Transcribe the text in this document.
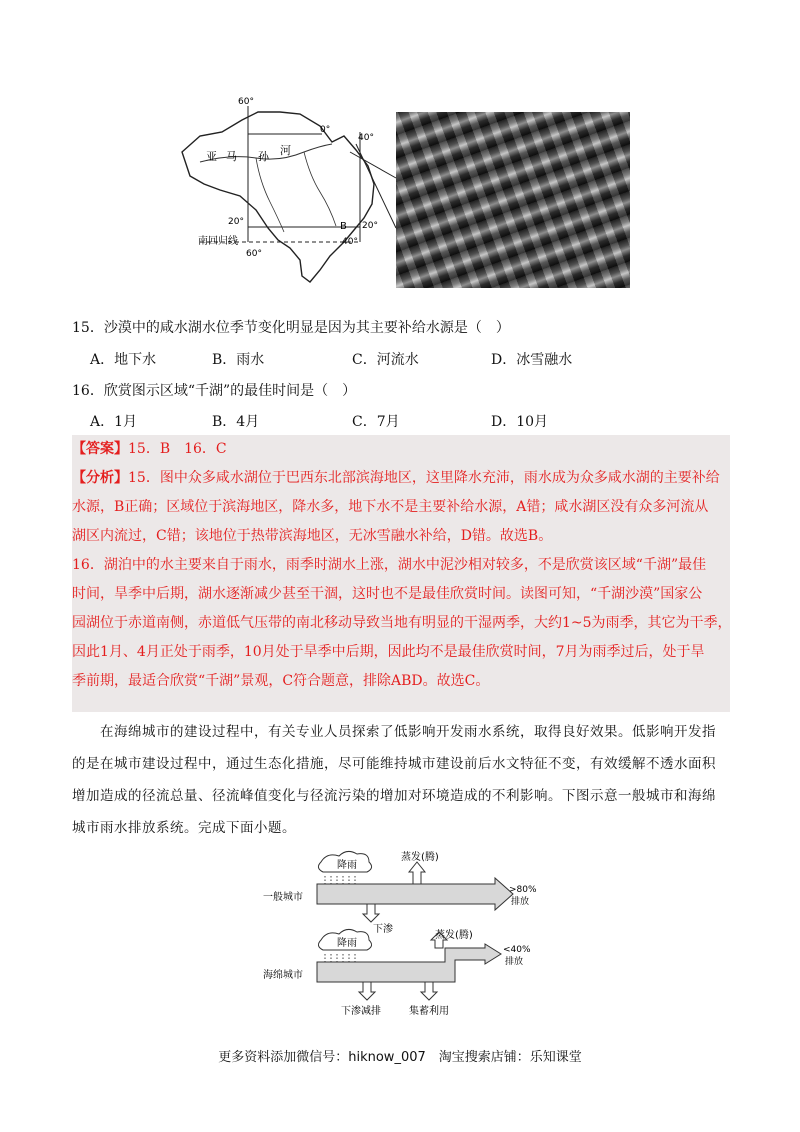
60°
0°
40°
亚 马 孙 河
20°	B 20°
南回归线	40°
60°
15．沙漠中的咸水湖水位季节变化明显是因为其主要补给水源是（　）
A．地下水	B．雨水	C．河流水	D．冰雪融水
16．欣赏图示区域“千湖”的最佳时间是（　）
A．1月	B．4月	C．7月	D．10月
【答案】15．B　16．C
【分析】15．图中众多咸水湖位于巴西东北部滨海地区，这里降水充沛，雨水成为众多咸水湖的主要补给
水源，B正确；区域位于滨海地区，降水多，地下水不是主要补给水源，A错；咸水湖区没有众多河流从
湖区内流过，C错；该地位于热带滨海地区，无冰雪融水补给，D错。故选B。
16．湖泊中的水主要来自于雨水，雨季时湖水上涨，湖水中泥沙相对较多，不是欣赏该区域“千湖”最佳
时间，旱季中后期，湖水逐渐减少甚至干涸，这时也不是最佳欣赏时间。读图可知，“千湖沙漠”国家公
园湖位于赤道南侧，赤道低气压带的南北移动导致当地有明显的干湿两季，大约1~5为雨季，其它为干季，
因此1月、4月正处于雨季，10月处于旱季中后期，因此均不是最佳欣赏时间，7月为雨季过后，处于旱
季前期，最适合欣赏“千湖”景观，C符合题意，排除ABD。故选C。
在海绵城市的建设过程中，有关专业人员探索了低影响开发雨水系统，取得良好效果。低影响开发指
的是在城市建设过程中，通过生态化措施，尽可能维持城市建设前后水文特征不变，有效缓解不透水面积
增加造成的径流总量、径流峰值变化与径流污染的增加对环境造成的不利影响。下图示意一般城市和海绵
城市雨水排放系统。完成下面小题。
降雨
蒸发(腾)
一般城市
>80%
排放
下渗
降雨
蒸发(腾)
海绵城市
<40%
排放
下渗减排	集蓄利用
更多资料添加微信号：hiknow_007　淘宝搜索店铺：乐知课堂
